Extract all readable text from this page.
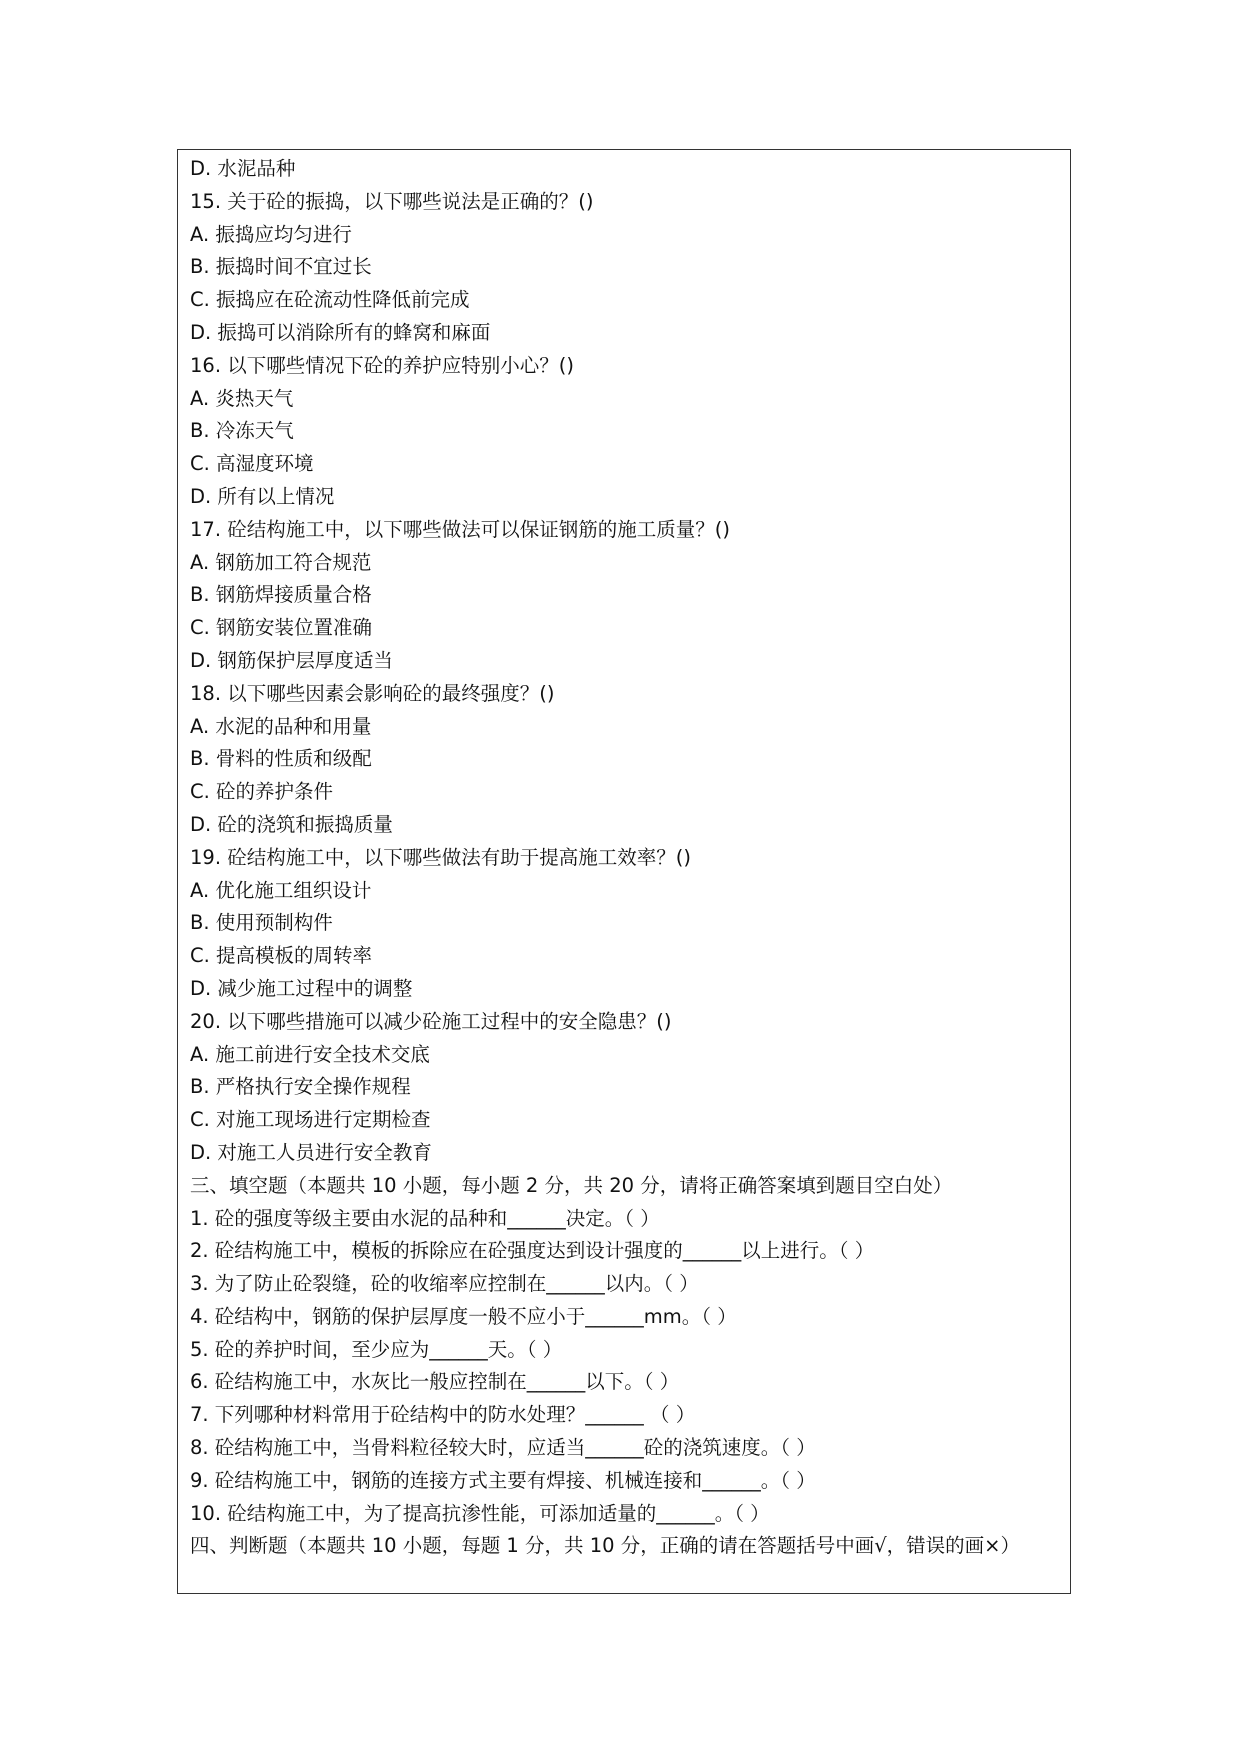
D. 水泥品种
15. 关于砼的振捣，以下哪些说法是正确的？()
A. 振捣应均匀进行
B. 振捣时间不宜过长
C. 振捣应在砼流动性降低前完成
D. 振捣可以消除所有的蜂窝和麻面
16. 以下哪些情况下砼的养护应特别小心？()
A. 炎热天气
B. 冷冻天气
C. 高湿度环境
D. 所有以上情况
17. 砼结构施工中，以下哪些做法可以保证钢筋的施工质量？()
A. 钢筋加工符合规范
B. 钢筋焊接质量合格
C. 钢筋安装位置准确
D. 钢筋保护层厚度适当
18. 以下哪些因素会影响砼的最终强度？()
A. 水泥的品种和用量
B. 骨料的性质和级配
C. 砼的养护条件
D. 砼的浇筑和振捣质量
19. 砼结构施工中，以下哪些做法有助于提高施工效率？()
A. 优化施工组织设计
B. 使用预制构件
C. 提高模板的周转率
D. 减少施工过程中的调整
20. 以下哪些措施可以减少砼施工过程中的安全隐患？()
A. 施工前进行安全技术交底
B. 严格执行安全操作规程
C. 对施工现场进行定期检查
D. 对施工人员进行安全教育
三、填空题（本题共 10 小题，每小题 2 分，共 20 分，请将正确答案填到题目空白处）
1. 砼的强度等级主要由水泥的品种和______决定。（ ）
2. 砼结构施工中，模板的拆除应在砼强度达到设计强度的______以上进行。（ ）
3. 为了防止砼裂缝，砼的收缩率应控制在______以内。（ ）
4. 砼结构中，钢筋的保护层厚度一般不应小于______mm。（ ）
5. 砼的养护时间，至少应为______天。（ ）
6. 砼结构施工中，水灰比一般应控制在______以下。（ ）
7. 下列哪种材料常用于砼结构中的防水处理？______ （ ）
8. 砼结构施工中，当骨料粒径较大时，应适当______砼的浇筑速度。（ ）
9. 砼结构施工中，钢筋的连接方式主要有焊接、机械连接和______。（ ）
10. 砼结构施工中，为了提高抗渗性能，可添加适量的______。（ ）
四、判断题（本题共 10 小题，每题 1 分，共 10 分，正确的请在答题括号中画√，错误的画×）
